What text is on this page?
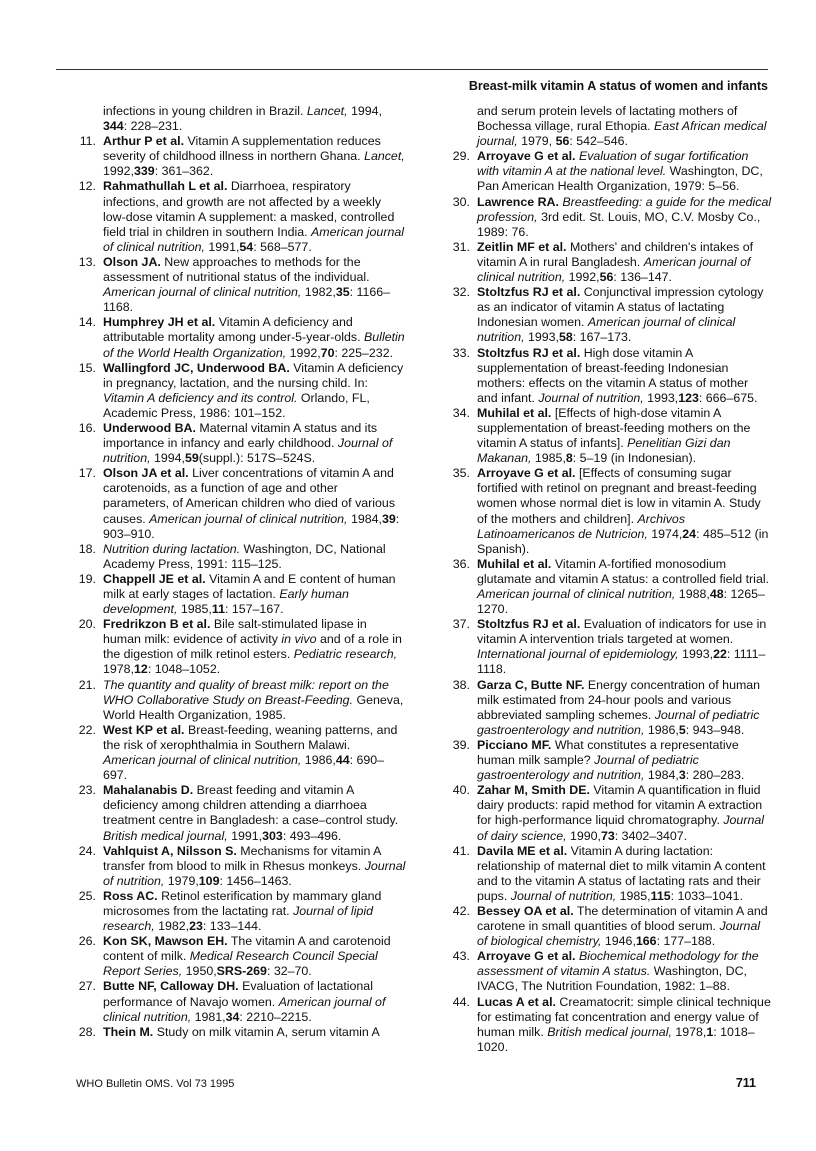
Breast-milk vitamin A status of women and infants

infections in young children in Brazil. Lancet, 1994, 344: 228–231.

11. Arthur P et al. Vitamin A supplementation reduces severity of childhood illness in northern Ghana. Lancet, 1992,339: 361–362.

12. Rahmathullah L et al. Diarrhoea, respiratory infections, and growth are not affected by a weekly low-dose vitamin A supplement: a masked, controlled field trial in children in southern India. American journal of clinical nutrition, 1991,54: 568–577.

13. Olson JA. New approaches to methods for the assessment of nutritional status of the individual. American journal of clinical nutrition, 1982,35: 1166–1168.

14. Humphrey JH et al. Vitamin A deficiency and attributable mortality among under-5-year-olds. Bulletin of the World Health Organization, 1992,70: 225–232.

15. Wallingford JC, Underwood BA. Vitamin A deficiency in pregnancy, lactation, and the nursing child. In: Vitamin A deficiency and its control. Orlando, FL, Academic Press, 1986: 101–152.

16. Underwood BA. Maternal vitamin A status and its importance in infancy and early childhood. Journal of nutrition, 1994,59(suppl.): 517S–524S.

17. Olson JA et al. Liver concentrations of vitamin A and carotenoids, as a function of age and other parameters, of American children who died of various causes. American journal of clinical nutrition, 1984,39: 903–910.

18. Nutrition during lactation. Washington, DC, National Academy Press, 1991: 115–125.

19. Chappell JE et al. Vitamin A and E content of human milk at early stages of lactation. Early human development, 1985,11: 157–167.

20. Fredrikzon B et al. Bile salt-stimulated lipase in human milk: evidence of activity in vivo and of a role in the digestion of milk retinol esters. Pediatric research, 1978,12: 1048–1052.

21. The quantity and quality of breast milk: report on the WHO Collaborative Study on Breast-Feeding. Geneva, World Health Organization, 1985.

22. West KP et al. Breast-feeding, weaning patterns, and the risk of xerophthalmia in Southern Malawi. American journal of clinical nutrition, 1986,44: 690–697.

23. Mahalanabis D. Breast feeding and vitamin A deficiency among children attending a diarrhoea treatment centre in Bangladesh: a case–control study. British medical journal, 1991,303: 493–496.

24. Vahlquist A, Nilsson S. Mechanisms for vitamin A transfer from blood to milk in Rhesus monkeys. Journal of nutrition, 1979,109: 1456–1463.

25. Ross AC. Retinol esterification by mammary gland microsomes from the lactating rat. Journal of lipid research, 1982,23: 133–144.

26. Kon SK, Mawson EH. The vitamin A and carotenoid content of milk. Medical Research Council Special Report Series, 1950,SRS-269: 32–70.

27. Butte NF, Calloway DH. Evaluation of lactational performance of Navajo women. American journal of clinical nutrition, 1981,34: 2210–2215.

28. Thein M. Study on milk vitamin A, serum vitamin A

and serum protein levels of lactating mothers of Bochessa village, rural Ethopia. East African medical journal, 1979, 56: 542–546.

29. Arroyave G et al. Evaluation of sugar fortification with vitamin A at the national level. Washington, DC, Pan American Health Organization, 1979: 5–56.

30. Lawrence RA. Breastfeeding: a guide for the medical profession, 3rd edit. St. Louis, MO, C.V. Mosby Co., 1989: 76.

31. Zeitlin MF et al. Mothers' and children's intakes of vitamin A in rural Bangladesh. American journal of clinical nutrition, 1992,56: 136–147.

32. Stoltzfus RJ et al. Conjunctival impression cytology as an indicator of vitamin A status of lactating Indonesian women. American journal of clinical nutrition, 1993,58: 167–173.

33. Stoltzfus RJ et al. High dose vitamin A supplementation of breast-feeding Indonesian mothers: effects on the vitamin A status of mother and infant. Journal of nutrition, 1993,123: 666–675.

34. Muhilal et al. [Effects of high-dose vitamin A supplementation of breast-feeding mothers on the vitamin A status of infants]. Penelitian Gizi dan Makanan, 1985,8: 5–19 (in Indonesian).

35. Arroyave G et al. [Effects of consuming sugar fortified with retinol on pregnant and breast-feeding women whose normal diet is low in vitamin A. Study of the mothers and children]. Archivos Latinoamericanos de Nutricion, 1974,24: 485–512 (in Spanish).

36. Muhilal et al. Vitamin A-fortified monosodium glutamate and vitamin A status: a controlled field trial. American journal of clinical nutrition, 1988,48: 1265–1270.

37. Stoltzfus RJ et al. Evaluation of indicators for use in vitamin A intervention trials targeted at women. International journal of epidemiology, 1993,22: 1111–1118.

38. Garza C, Butte NF. Energy concentration of human milk estimated from 24-hour pools and various abbreviated sampling schemes. Journal of pediatric gastroenterology and nutrition, 1986,5: 943–948.

39. Picciano MF. What constitutes a representative human milk sample? Journal of pediatric gastroenterology and nutrition, 1984,3: 280–283.

40. Zahar M, Smith DE. Vitamin A quantification in fluid dairy products: rapid method for vitamin A extraction for high-performance liquid chromatography. Journal of dairy science, 1990,73: 3402–3407.

41. Davila ME et al. Vitamin A during lactation: relationship of maternal diet to milk vitamin A content and to the vitamin A status of lactating rats and their pups. Journal of nutrition, 1985,115: 1033–1041.

42. Bessey OA et al. The determination of vitamin A and carotene in small quantities of blood serum. Journal of biological chemistry, 1946,166: 177–188.

43. Arroyave G et al. Biochemical methodology for the assessment of vitamin A status. Washington, DC, IVACG, The Nutrition Foundation, 1982: 1–88.

44. Lucas A et al. Creamatocrit: simple clinical technique for estimating fat concentration and energy value of human milk. British medical journal, 1978,1: 1018–1020.

WHO Bulletin OMS. Vol 73 1995	711
